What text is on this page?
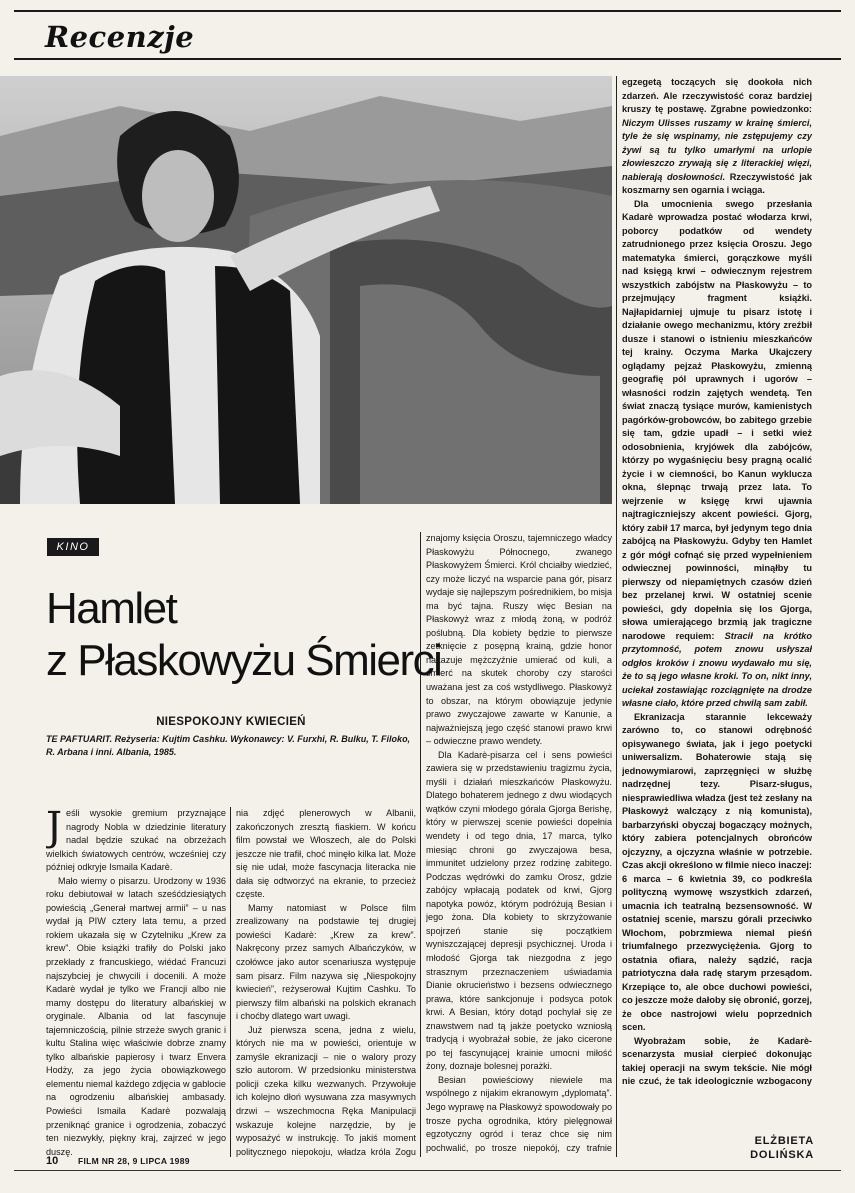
Recenzje
KINO
Hamlet
z Płaskowyżu Śmierci
NIESPOKOJNY KWIECIEŃ
TE PAFTUARIT. Reżyseria: Kujtim Cashku. Wykonawcy: V. Furxhi, R. Bulku, T. Filoko, R. Arbana i inni. Albania, 1985.

Jeśli wysokie gremium przyznające nagrody Nobla w dziedzinie literatury nadal będzie szukać na obrzeżach wielkich światowych centrów, wcześniej czy później odkryje Ismaila Kadarè.

Mało wiemy o pisarzu. Urodzony w 1936 roku debiutował w latach sześćdziesiątych powieścią „Generał martwej armii” – u nas wydał ją PIW cztery lata temu, a przed rokiem ukazała się w Czytelniku „Krew za krew”. Obie książki trafiły do Polski jako przekłady z francuskiego, wiédać Francuzi najszybciej je chwycili i docenili. A może Kadarè wydał je tylko we Francji albo nie mamy dostępu do literatury albańskiej w oryginale. Albania od lat fascynuje tajemniczością, pilnie strzeże swych granic i kultu Stalina więc właściwie dobrze znamy tylko albańskie papierosy i twarz Envera Hodży, za jego życia obowiązkowego elementu niemal każdego zdjęcia w gablocie na ogrodzeniu albańskiej ambasady. Powieści Ismaila Kadarè pozwalają przeniknąć granice i ogrodzenia, zobaczyć ten niezwykły, piękny kraj, zajrzeć w jego duszę.

nia zdjęć plenerowych w Albanii, zakończonych zresztą fiaskiem. W końcu film powstał we Włoszech, ale do Polski jeszcze nie trafił, choć minęło kilka lat. Może się nie udał, może fascynacja literacka nie dała się odtworzyć na ekranie, to przecież częste.

Mamy natomiast w Polsce film zrealizowany na podstawie tej drugiej powieści Kadarè: „Krew za krew”. Nakręcony przez samych Albańczyków, w czołówce jako autor scenariusza występuje sam pisarz. Film nazywa się „Niespokojny kwiecień”, reżyserował Kujtim Cashku. To pierwszy film albański na polskich ekranach i choćby dlatego wart uwagi.

Już pierwsza scena, jedna z wielu, których nie ma w powieści, orientuje w zamyśle ekranizacji – nie o walory prozy szło autorom. W przedsionku ministerstwa policji czeka kilku wezwanych. Przywołuje ich kolejno dłoń wysuwana zza masywnych drzwi – wszechmocna Ręka Manipulacji wskazuje kolejne narzędzie, by je wyposażyć w instrukcję. To jakiś moment politycznego niepokoju, władza króla Zogu

znajomy księcia Oroszu, tajemniczego władcy Płaskowyżu Północnego, zwanego Płaskowyżem Śmierci. Król chciałby wiedzieć, czy może liczyć na wsparcie pana gór, pisarz wydaje się najlepszym pośrednikiem, bo misja ma być tajna. Ruszy więc Besian na Płaskowyż wraz z młodą żoną, w podróż poślubną. Dla kobiety będzie to pierwsze zetknięcie z posępną krainą, gdzie honor nakazuje mężczyźnie umierać od kuli, a śmierć na skutek choroby czy starości uważana jest za coś wstydliwego. Płaskowyż to obszar, na którym obowiązuje jedynie prawo zwyczajowe zawarte w Kanunie, a najważniejszą jego część stanowi prawo krwi – odwieczne prawo wendety.

Dla Kadarè-pisarza cel i sens powieści zawiera się w przedstawieniu tragizmu życia, myśli i działań mieszkańców Płaskowyżu. Dlatego bohaterem jednego z dwu wiodących wątków czyni młodego górala Gjorga Berishę, który w pierwszej scenie powieści dopełnia wendety i od tego dnia, 17 marca, tylko miesiąc chroni go zwyczajowa besa, immunitet udzielony przez rodzinę zabitego. Podczas wędrówki do zamku Orosz, gdzie zabójcy wpłacają podatek od krwi, Gjorg napotyka powóz, którym podróżują Besian i jego żona. Dla kobiety to skrzyżowanie spojrzeń stanie się początkiem wyniszczającej depresji psychicznej. Uroda i młodość Gjorga tak niezgodna z jego strasznym przeznaczeniem uświadamia Dianie okrucieństwo i bezsens odwiecznego prawa, które sankcjonuje i podsyca potok krwi. A Besian, który dotąd pochylał się ze znawstwem nad tą jakże poetycko wzniosłą tradycją i wyobrażał sobie, że jako cicerone po tej fascynującej krainie umocni miłość żony, doznaje bolesnej porażki.

Besian powieściowy niewiele ma wspólnego z nijakim ekranowym „dyplomatą”. Jego wyprawę na Płaskowyż spowodowały po trosze pycha ogrodnika, który pielęgnował egzotyczny ogród i teraz chce się nim pochwalić, po trosze niepokój, czy trafnie

egzegetą toczących się dookoła nich zdarzeń. Ale rzeczywistość coraz bardziej kruszy tę postawę. Zgrabne powiedzonko: Niczym Ulisses ruszamy w krainę śmierci, tyle że się wspinamy, nie zstępujemy czy żywi są tu tylko umarłymi na urlopie złowieszczo zrywają się z literackiej więzi, nabierają dosłowności. Rzeczywistość jak koszmarny sen ogarnia i wciąga.

Dla umocnienia swego przesłania Kadarè wprowadza postać włodarza krwi, poborcy podatków od wendety zatrudnionego przez księcia Oroszu. Jego matematyka śmierci, gorączkowe myśli nad księgą krwi – odwiecznym rejestrem wszystkich zabójstw na Płaskowyżu – to przejmujący fragment książki. Najłapidarniej ujmuje tu pisarz istotę i działanie owego mechanizmu, który zreźbił dusze i stanowi o istnieniu mieszkańców tej krainy. Oczyma Marka Ukajczery oglądamy pejzaż Płaskowyżu, zmienną geografię pól uprawnych i ugorów – własności rodzin zajętych wendetą. Ten świat znaczą tysiące murów, kamienistych pagórków-grobowców, bo zabitego grzebie się tam, gdzie upadł – i setki wież odosobnienia, kryjówek dla zabójców, którzy po wygaśnięciu besy pragną ocalić życie i w ciemności, bo Kanun wyklucza okna, ślepnąc trwają przez lata. To wejrzenie w księgę krwi ujawnia najtragiczniejszy akcent powieści. Gjorg, który zabił 17 marca, był jedynym tego dnia zabójcą na Płaskowyżu. Gdyby ten Hamlet z gór mógł cofnąć się przed wypełnieniem odwiecznej powinności, minąłby tu pierwszy od niepamiętnych czasów dzień bez przelanej krwi. W ostatniej scenie powieści, gdy dopełnia się los Gjorga, słowa umierającego brzmią jak tragiczne narodowe requiem: Stracił na krótko przytomność, potem znowu usłyszał odgłos kroków i znowu wydawało mu się, że to są jego własne kroki. To on, nikt inny, uciekał zostawiając rozciągnięte na drodze własne ciało, które przed chwilą sam zabił.

Ekranizacja starannie lekceważy zarówno to, co stanowi odrębność opisywanego świata, jak i jego poetycki uniwersalizm. Bohaterowie stają się jednowymiarowi, zaprzęgnięci w służbę nadrzędnej tezy. Pisarz-sługus, niesprawiedliwa władza (jest też zesłany na Płaskowyż walczący z nią komunista), barbarzyński obyczaj bogaczący możnych, który zabiera potencjalnych obrońców ojczyzny, a ojczyzna właśnie w potrzebie. Czas akcji określono w filmie nieco inaczej: 6 marca – 6 kwietnia 39, co podkreśla polityczną wymowę wszystkich zdarzeń, umacnia ich teatralną bezsensowność. W ostatniej scenie, marszu górali przeciwko Włochom, pobrzmiewa niemal pieśń triumfalnego przezwyciężenia. Gjorg to ostatnia ofiara, należy sądzić, racja patriotyczna dała radę starym przesądom. Krzepiące to, ale obce duchowi powieści, co jeszcze może dałoby się obronić, gorzej, że obce nastrojowi wielu poprzednich scen.

Wyobrażam sobie, że Kadarè-scenarzysta musiał cierpieć dokonując takiej operacji na swym tekście. Nie mógł nie czuć, że tak ideologicznie wzbogacony

ELŻBIETA
DOLIŃSKA
10 FILM NR 28, 9 LIPCA 1989
